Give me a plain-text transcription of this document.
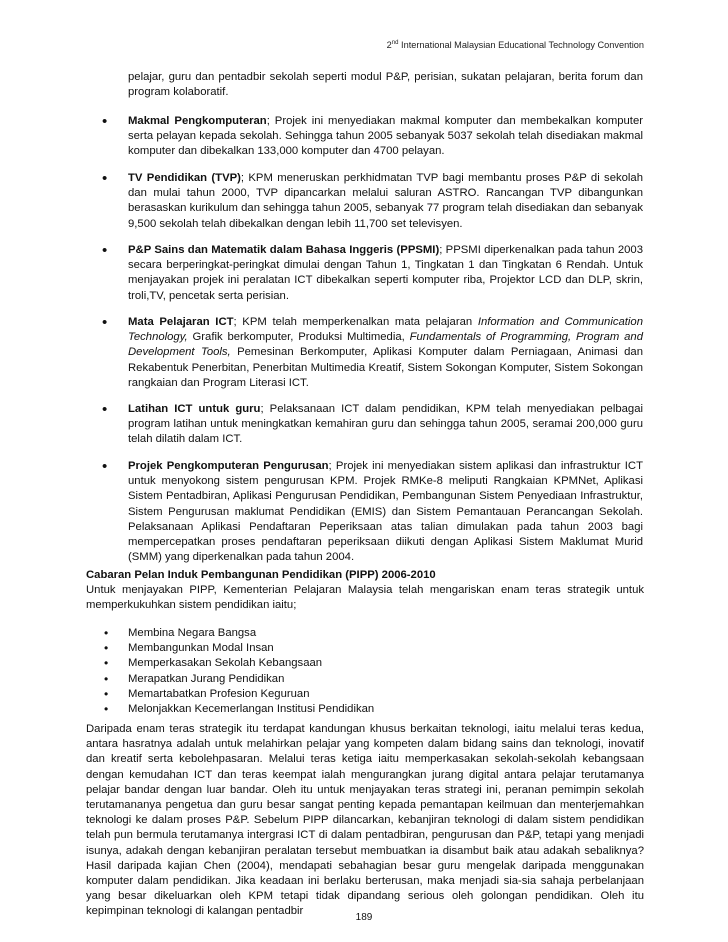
2nd International Malaysian Educational Technology Convention

pelajar, guru dan pentadbir sekolah seperti modul P&P, perisian, sukatan pelajaran, berita forum dan program kolaboratif.

• Makmal Pengkomputeran; Projek ini menyediakan makmal komputer dan membekalkan komputer serta pelayan kepada sekolah. Sehingga tahun 2005 sebanyak 5037 sekolah telah disediakan makmal komputer dan dibekalkan 133,000 komputer dan 4700 pelayan.

• TV Pendidikan (TVP); KPM meneruskan perkhidmatan TVP bagi membantu proses P&P di sekolah dan mulai tahun 2000, TVP dipancarkan melalui saluran ASTRO. Rancangan TVP dibangunkan berasaskan kurikulum dan sehingga tahun 2005, sebanyak 77 program telah disediakan dan sebanyak 9,500 sekolah telah dibekalkan dengan lebih 11,700 set televisyen.

• P&P Sains dan Matematik dalam Bahasa Inggeris (PPSMI); PPSMI diperkenalkan pada tahun 2003 secara berperingkat-peringkat dimulai dengan Tahun 1, Tingkatan 1 dan Tingkatan 6 Rendah. Untuk menjayakan projek ini peralatan ICT dibekalkan seperti komputer riba, Projektor LCD dan DLP, skrin, troli,TV, pencetak serta perisian.

• Mata Pelajaran ICT; KPM telah memperkenalkan mata pelajaran Information and Communication Technology, Grafik berkomputer, Produksi Multimedia, Fundamentals of Programming, Program and Development Tools, Pemesinan Berkomputer, Aplikasi Komputer dalam Perniagaan, Animasi dan Rekabentuk Penerbitan, Penerbitan Multimedia Kreatif, Sistem Sokongan Komputer, Sistem Sokongan rangkaian dan Program Literasi ICT.

• Latihan ICT untuk guru; Pelaksanaan ICT dalam pendidikan, KPM telah menyediakan pelbagai program latihan untuk meningkatkan kemahiran guru dan sehingga tahun 2005, seramai 200,000 guru telah dilatih dalam ICT.

• Projek Pengkomputeran Pengurusan; Projek ini menyediakan sistem aplikasi dan infrastruktur ICT untuk menyokong sistem pengurusan KPM. Projek RMKe-8 meliputi Rangkaian KPMNet, Aplikasi Sistem Pentadbiran, Aplikasi Pengurusan Pendidikan, Pembangunan Sistem Penyediaan Infrastruktur, Sistem Pengurusan maklumat Pendidikan (EMIS) dan Sistem Pemantauan Perancangan Sekolah. Pelaksanaan Aplikasi Pendaftaran Peperiksaan atas talian dimulakan pada tahun 2003 bagi mempercepatkan proses pendaftaran peperiksaan diikuti dengan Aplikasi Sistem Maklumat Murid (SMM) yang diperkenalkan pada tahun 2004.

Cabaran Pelan Induk Pembangunan Pendidikan (PIPP) 2006-2010

Untuk menjayakan PIPP, Kementerian Pelajaran Malaysia telah mengariskan enam teras strategik untuk memperkukuhkan sistem pendidikan iaitu;

• Membina Negara Bangsa
• Membangunkan Modal Insan
• Memperkasakan Sekolah Kebangsaan
• Merapatkan Jurang Pendidikan
• Memartabatkan Profesion Keguruan
• Melonjakkan Kecemerlangan Institusi Pendidikan

Daripada enam teras strategik itu terdapat kandungan khusus berkaitan teknologi, iaitu melalui teras kedua, antara hasratnya adalah untuk melahirkan pelajar yang kompeten dalam bidang sains dan teknologi, inovatif dan kreatif serta kebolehpasaran. Melalui teras ketiga iaitu memperkasakan sekolah-sekolah kebangsaan dengan kemudahan ICT dan teras keempat ialah mengurangkan jurang digital antara pelajar terutamanya pelajar bandar dengan luar bandar. Oleh itu untuk menjayakan teras strategi ini, peranan pemimpin sekolah terutamananya pengetua dan guru besar sangat penting kepada pemantapan keilmuan dan menterjemahkan teknologi ke dalam proses P&P. Sebelum PIPP dilancarkan, kebanjiran teknologi di dalam sistem pendidikan telah pun bermula terutamanya intergrasi ICT di dalam pentadbiran, pengurusan dan P&P, tetapi yang menjadi isunya, adakah dengan kebanjiran peralatan tersebut membuatkan ia disambut baik atau adakah sebaliknya? Hasil daripada kajian Chen (2004), mendapati sebahagian besar guru mengelak daripada menggunakan komputer dalam pendidikan. Jika keadaan ini berlaku berterusan, maka menjadi sia-sia sahaja perbelanjaan yang besar dikeluarkan oleh KPM tetapi tidak dipandang serious oleh golongan pendidikan. Oleh itu kepimpinan teknologi di kalangan pentadbir

189
